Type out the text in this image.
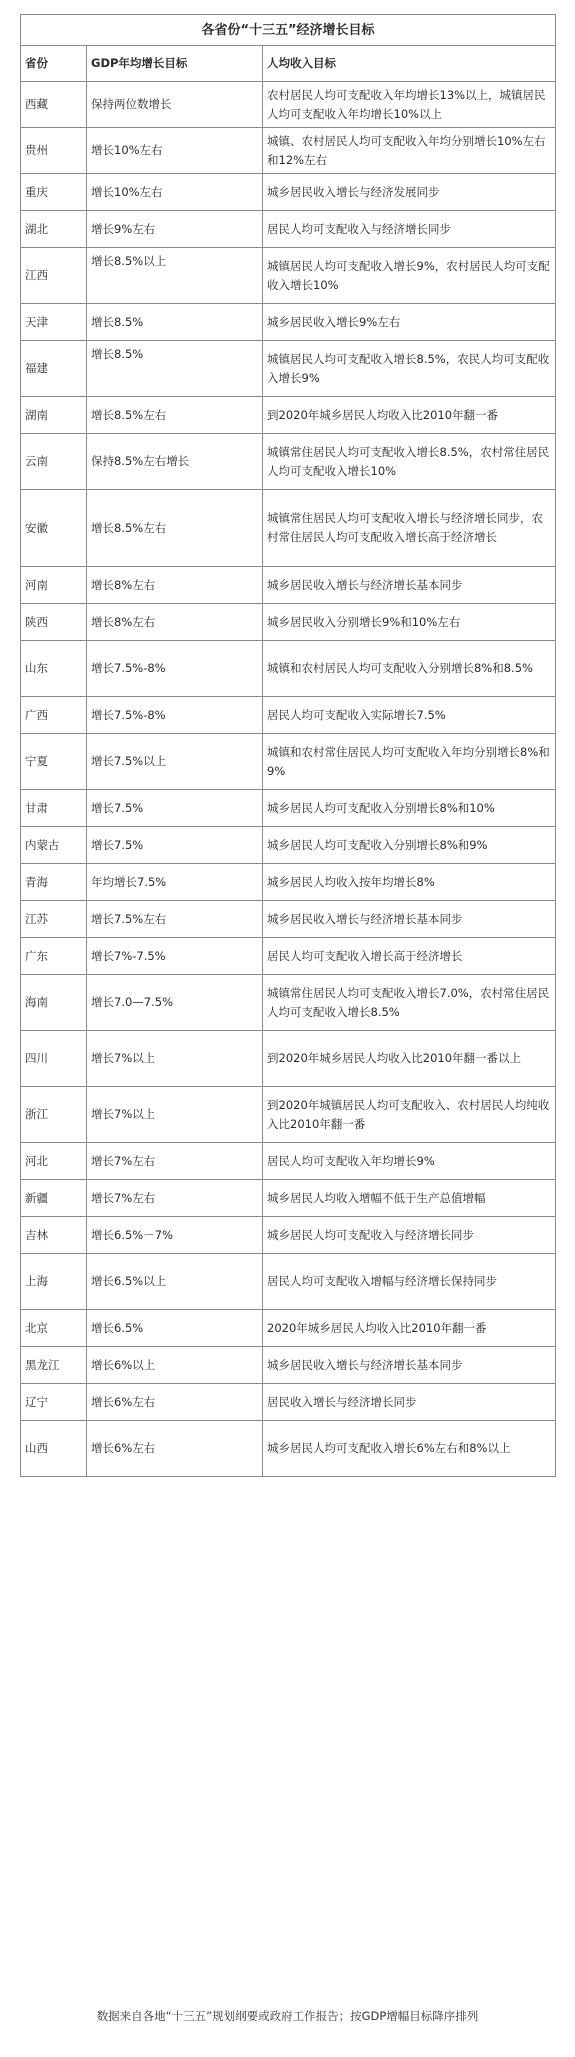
各省份“十三五”经济增长目标		
省份	GDP年均增长目标	人均收入目标
西藏	保持两位数增长	农村居民人均可支配收入年均增长13%以上，城镇居民人均可支配收入年均增长10%以上
贵州	增长10%左右	城镇、农村居民人均可支配收入年均分别增长10%左右和12%左右
重庆	增长10%左右	城乡居民收入增长与经济发展同步
湖北	增长9%左右	居民人均可支配收入与经济增长同步
江西	增长8.5%以上	城镇居民人均可支配收入增长9%，农村居民人均可支配收入增长10%
天津	增长8.5%	城乡居民收入增长9%左右
福建	增长8.5%	城镇居民人均可支配收入增长8.5%，农民人均可支配收入增长9%
湖南	增长8.5%左右	到2020年城乡居民人均收入比2010年翻一番
云南	保持8.5%左右增长	城镇常住居民人均可支配收入增长8.5%，农村常住居民人均可支配收入增长10%
安徽	增长8.5%左右	城镇常住居民人均可支配收入增长与经济增长同步，农村常住居民人均可支配收入增长高于经济增长
河南	增长8%左右	城乡居民收入增长与经济增长基本同步
陕西	增长8%左右	城乡居民收入分别增长9%和10%左右
山东	增长7.5%-8%	城镇和农村居民人均可支配收入分别增长8%和8.5%
广西	增长7.5%-8%	居民人均可支配收入实际增长7.5%
宁夏	增长7.5%以上	城镇和农村常住居民人均可支配收入年均分别增长8%和9%
甘肃	增长7.5%	城乡居民人均可支配收入分别增长8%和10%
内蒙古	增长7.5%	城乡居民人均可支配收入分别增长8%和9%
青海	年均增长7.5%	城乡居民人均收入按年均增长8%
江苏	增长7.5%左右	城乡居民收入增长与经济增长基本同步
广东	增长7%-7.5%	居民人均可支配收入增长高于经济增长
海南	增长7.0—7.5%	城镇常住居民人均可支配收入增长7.0%，农村常住居民人均可支配收入增长8.5%
四川	增长7%以上	到2020年城乡居民人均收入比2010年翻一番以上
浙江	增长7%以上	到2020年城镇居民人均可支配收入、农村居民人均纯收入比2010年翻一番
河北	增长7%左右	居民人均可支配收入年均增长9%
新疆	增长7%左右	城乡居民人均收入增幅不低于生产总值增幅
吉林	增长6.5%－7%	城乡居民人均可支配收入与经济增长同步
上海	增长6.5%以上	居民人均可支配收入增幅与经济增长保持同步
北京	增长6.5%	2020年城乡居民人均收入比2010年翻一番
黑龙江	增长6%以上	城乡居民收入增长与经济增长基本同步
辽宁	增长6%左右	居民收入增长与经济增长同步
山西	增长6%左右	城乡居民人均可支配收入增长6%左右和8%以上
数据来自各地“十三五”规划纲要或政府工作报告；按GDP增幅目标降序排列
